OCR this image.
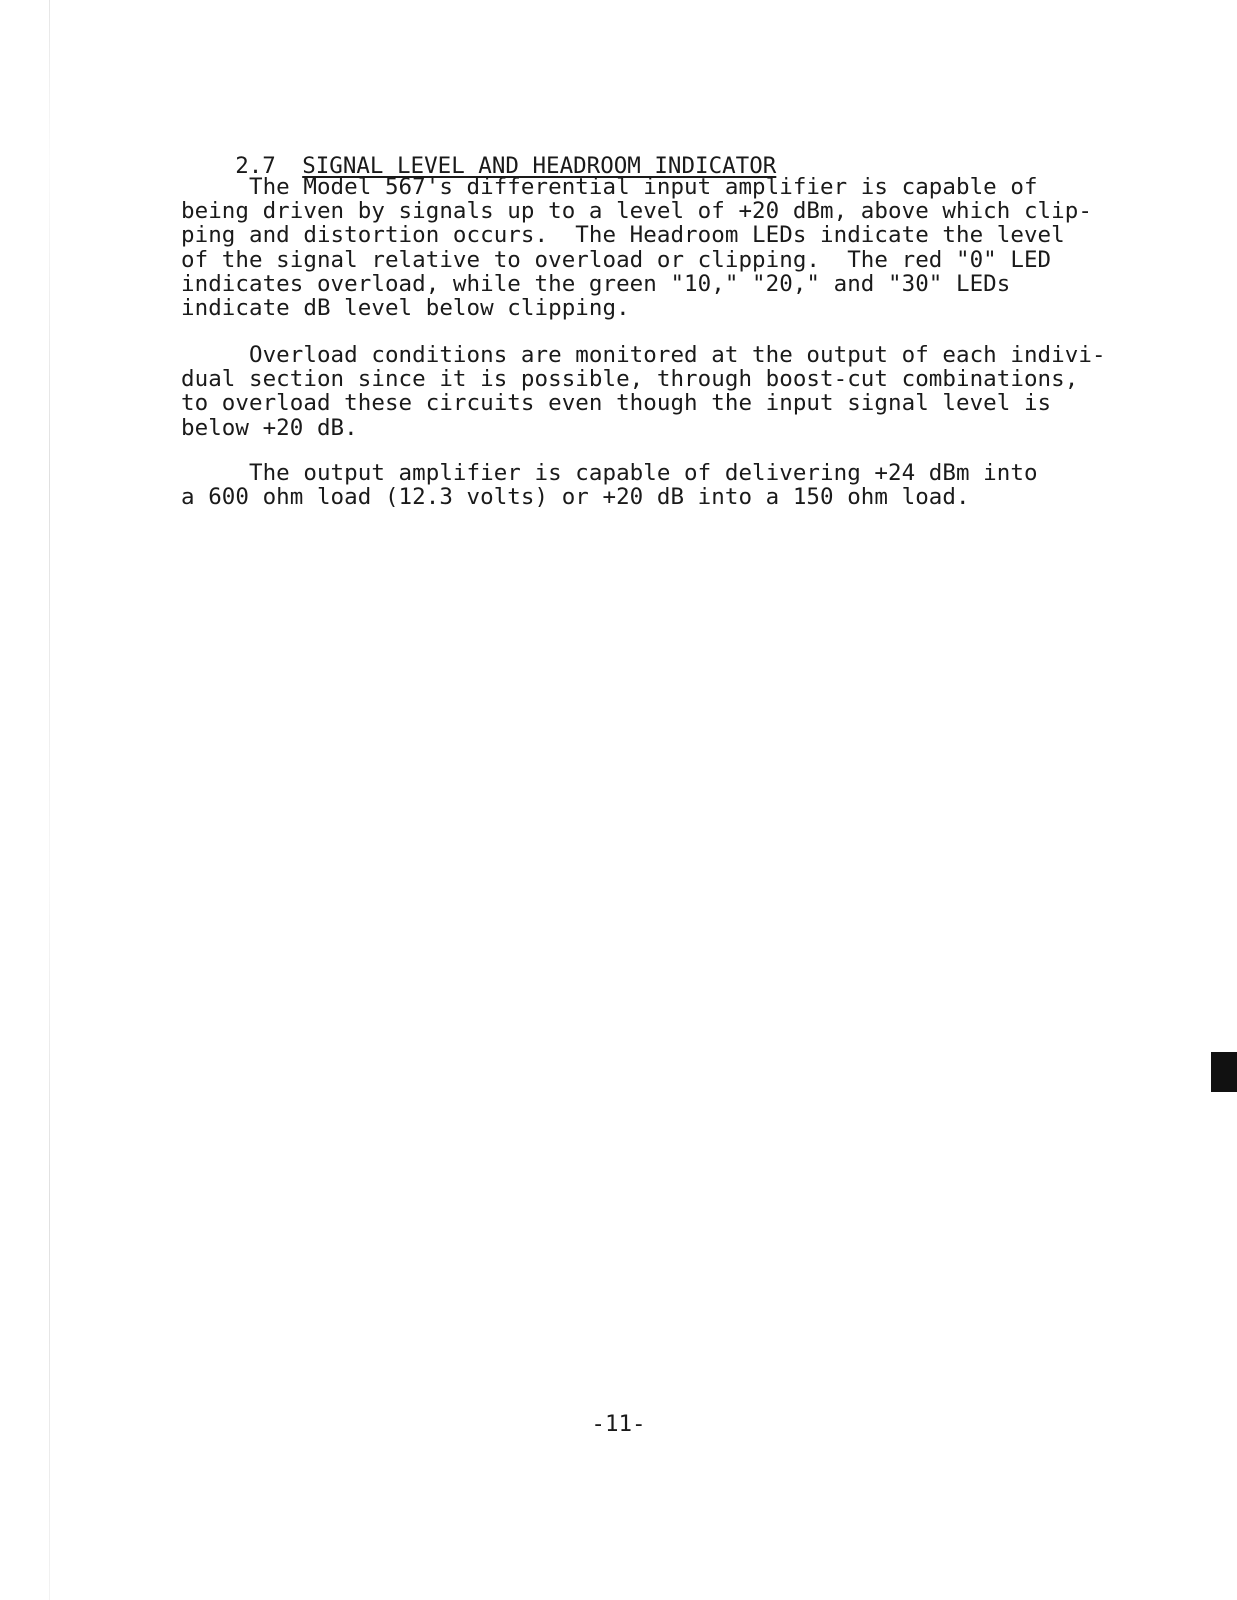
2.7 SIGNAL LEVEL AND HEADROOM INDICATOR

The Model 567's differential input amplifier is capable of
being driven by signals up to a level of +20 dBm, above which clip-
ping and distortion occurs.  The Headroom LEDs indicate the level
of the signal relative to overload or clipping.  The red "0" LED
indicates overload, while the green "10," "20," and "30" LEDs
indicate dB level below clipping.
Overload conditions are monitored at the output of each indivi-
dual section since it is possible, through boost-cut combinations,
to overload these circuits even though the input signal level is
below +20 dB.
The output amplifier is capable of delivering +24 dBm into
a 600 ohm load (12.3 volts) or +20 dB into a 150 ohm load.
-11-
